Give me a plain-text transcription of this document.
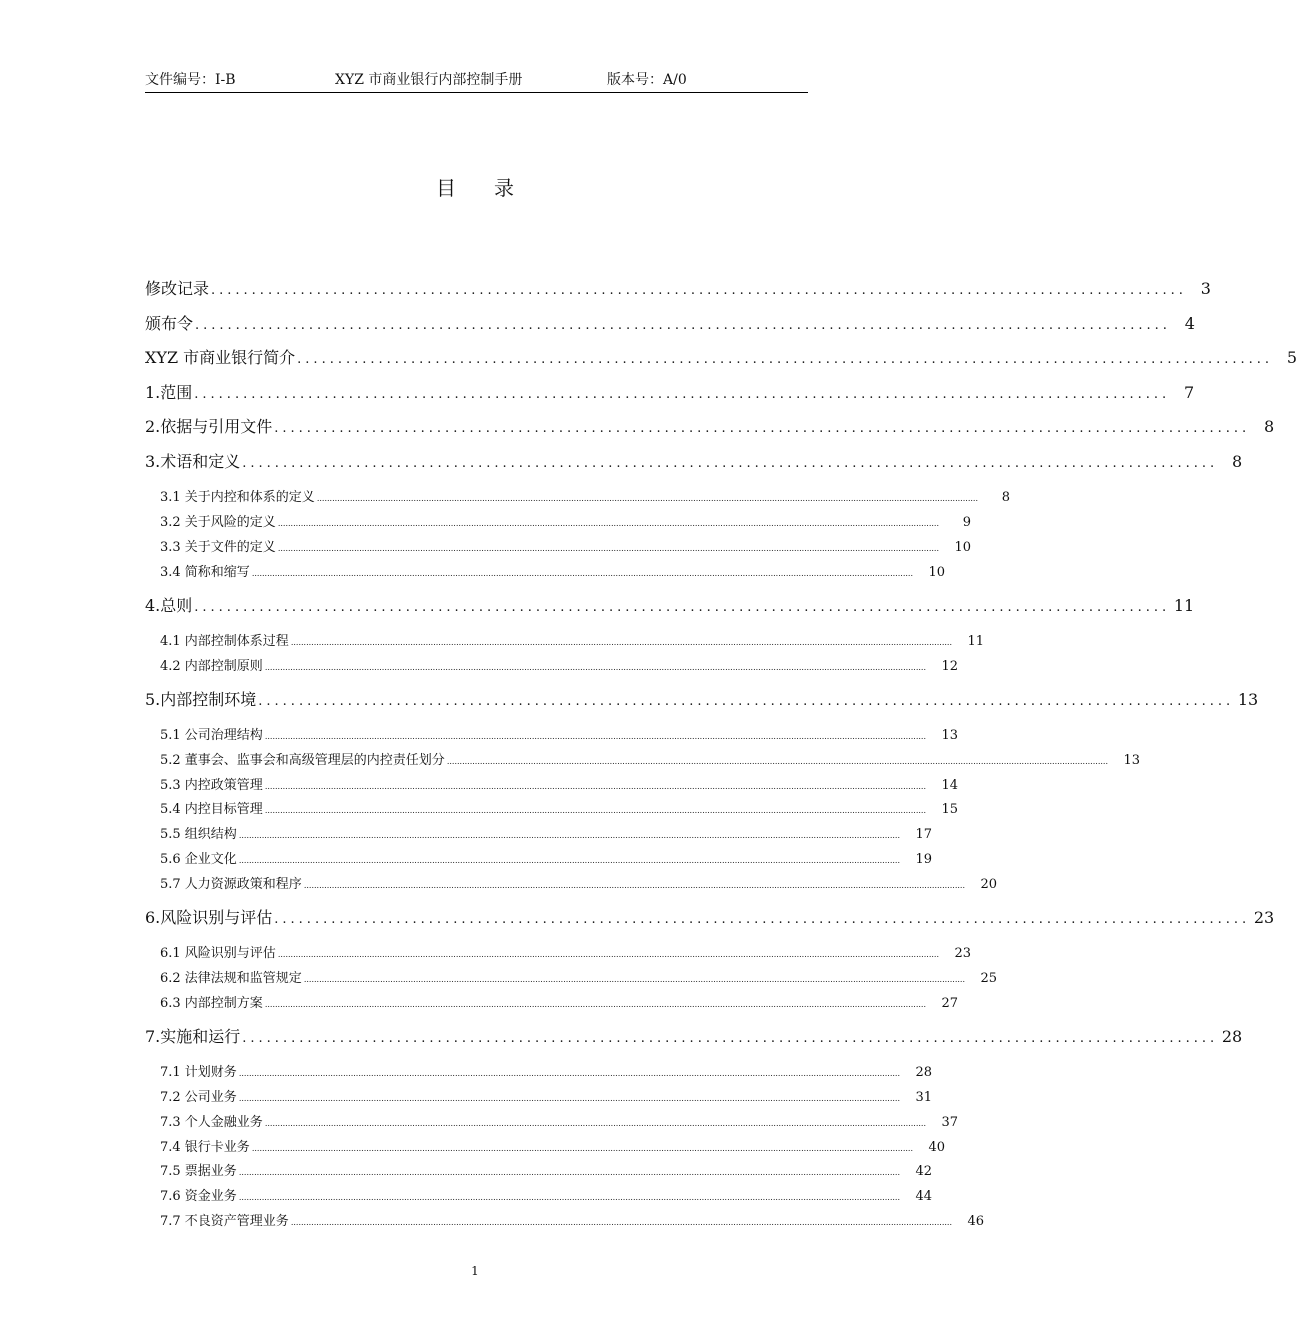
文件编号：I-B	XYZ 市商业银行内部控制手册	版本号：A/0
目录
修改记录 ........................................................................................................................ 3
颁布令 ........................................................................................................................ 4
XYZ 市商业银行简介 ........................................................................................................................ 5
1.范围 ........................................................................................................................ 7
2.依据与引用文件 ........................................................................................................................ 8
3.术语和定义 ........................................................................................................................ 8
3.1 关于内控和体系的定义 ....................................................................................................................................................................................................................................................................	8
3.2 关于风险的定义 ....................................................................................................................................................................................................................................................................	9
3.3 关于文件的定义 ....................................................................................................................................................................................................................................................................	10
3.4 简称和缩写 ....................................................................................................................................................................................................................................................................	10
4.总则 ........................................................................................................................ 11
4.1 内部控制体系过程 ....................................................................................................................................................................................................................................................................	11
4.2 内部控制原则 ....................................................................................................................................................................................................................................................................	12
5.内部控制环境 ........................................................................................................................ 13
5.1 公司治理结构 ....................................................................................................................................................................................................................................................................	13
5.2 董事会、监事会和高级管理层的内控责任划分 ....................................................................................................................................................................................................................................................................	13
5.3 内控政策管理 ....................................................................................................................................................................................................................................................................	14
5.4 内控目标管理 ....................................................................................................................................................................................................................................................................	15
5.5 组织结构 ....................................................................................................................................................................................................................................................................	17
5.6 企业文化 ....................................................................................................................................................................................................................................................................	19
5.7 人力资源政策和程序 ....................................................................................................................................................................................................................................................................	20
6.风险识别与评估 ........................................................................................................................ 23
6.1 风险识别与评估 ....................................................................................................................................................................................................................................................................	23
6.2 法律法规和监管规定 ....................................................................................................................................................................................................................................................................	25
6.3 内部控制方案 ....................................................................................................................................................................................................................................................................	27
7.实施和运行 ........................................................................................................................ 28
7.1 计划财务 ....................................................................................................................................................................................................................................................................	28
7.2 公司业务 ....................................................................................................................................................................................................................................................................	31
7.3 个人金融业务 ....................................................................................................................................................................................................................................................................	37
7.4 银行卡业务 ....................................................................................................................................................................................................................................................................	40
7.5 票据业务 ....................................................................................................................................................................................................................................................................	42
7.6 资金业务 ....................................................................................................................................................................................................................................................................	44
7.7 不良资产管理业务 ....................................................................................................................................................................................................................................................................	46
1
